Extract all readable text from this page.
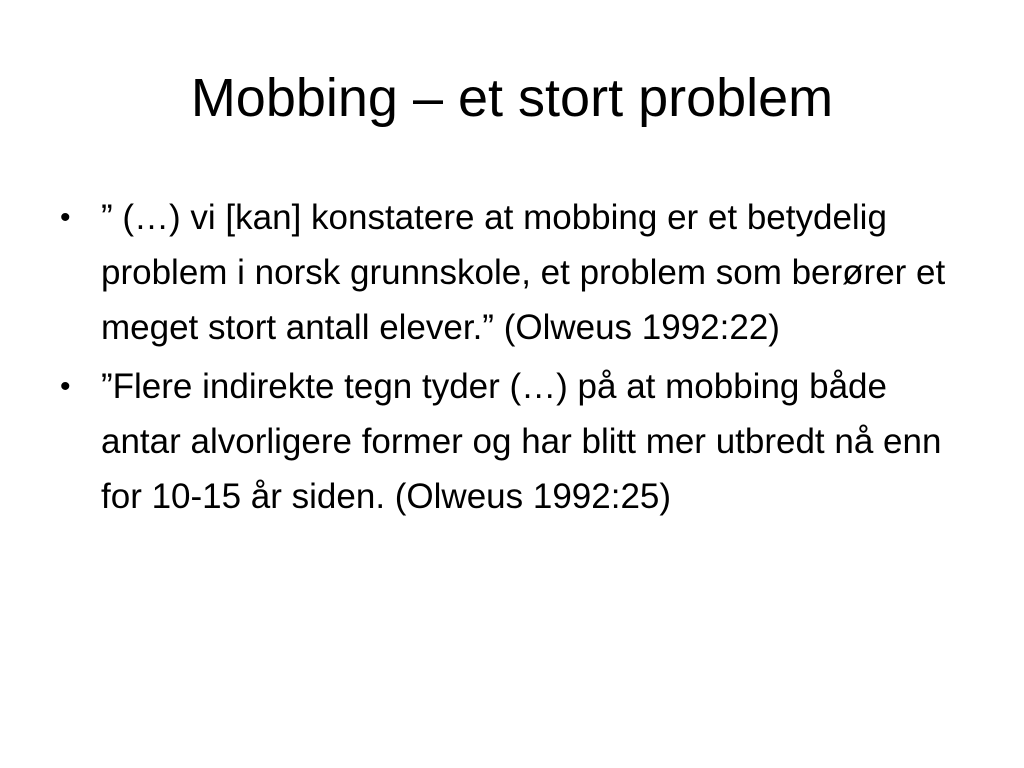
Mobbing – et stort problem
• ” (…) vi [kan] konstatere at mobbing er et betydelig problem i norsk grunnskole, et problem som berører et meget stort antall elever.” (Olweus 1992:22)
• ”Flere indirekte tegn tyder (…) på at mobbing både antar alvorligere former og har blitt mer utbredt nå enn for 10-15 år siden. (Olweus 1992:25)
